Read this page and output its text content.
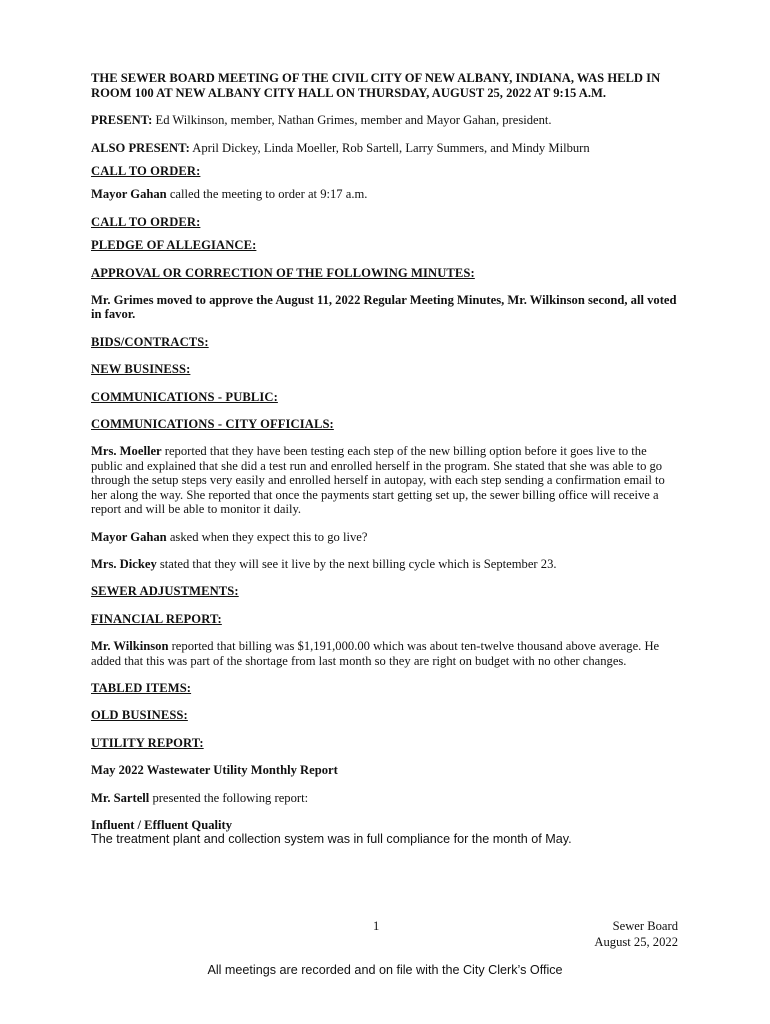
THE SEWER BOARD MEETING OF THE CIVIL CITY OF NEW ALBANY, INDIANA, WAS HELD IN ROOM 100 AT NEW ALBANY CITY HALL ON THURSDAY, AUGUST 25, 2022 AT 9:15 A.M.

PRESENT: Ed Wilkinson, member, Nathan Grimes, member and Mayor Gahan, president.

ALSO PRESENT: April Dickey, Linda Moeller, Rob Sartell, Larry Summers, and Mindy Milburn

CALL TO ORDER:

Mayor Gahan called the meeting to order at 9:17 a.m.

CALL TO ORDER:

PLEDGE OF ALLEGIANCE:

APPROVAL OR CORRECTION OF THE FOLLOWING MINUTES:

Mr. Grimes moved to approve the August 11, 2022 Regular Meeting Minutes, Mr. Wilkinson second, all voted in favor.

BIDS/CONTRACTS:

NEW BUSINESS:

COMMUNICATIONS - PUBLIC:

COMMUNICATIONS - CITY OFFICIALS:

Mrs. Moeller reported that they have been testing each step of the new billing option before it goes live to the public and explained that she did a test run and enrolled herself in the program. She stated that she was able to go through the setup steps very easily and enrolled herself in autopay, with each step sending a confirmation email to her along the way. She reported that once the payments start getting set up, the sewer billing office will receive a report and will be able to monitor it daily.

Mayor Gahan asked when they expect this to go live?

Mrs. Dickey stated that they will see it live by the next billing cycle which is September 23.

SEWER ADJUSTMENTS:

FINANCIAL REPORT:

Mr. Wilkinson reported that billing was $1,191,000.00 which was about ten-twelve thousand above average. He added that this was part of the shortage from last month so they are right on budget with no other changes.

TABLED ITEMS:

OLD BUSINESS:

UTILITY REPORT:

May 2022 Wastewater Utility Monthly Report

Mr. Sartell presented the following report:

Influent / Effluent Quality

The treatment plant and collection system was in full compliance for the month of May.

1	Sewer Board
August 25, 2022
All meetings are recorded and on file with the City Clerk’s Office
